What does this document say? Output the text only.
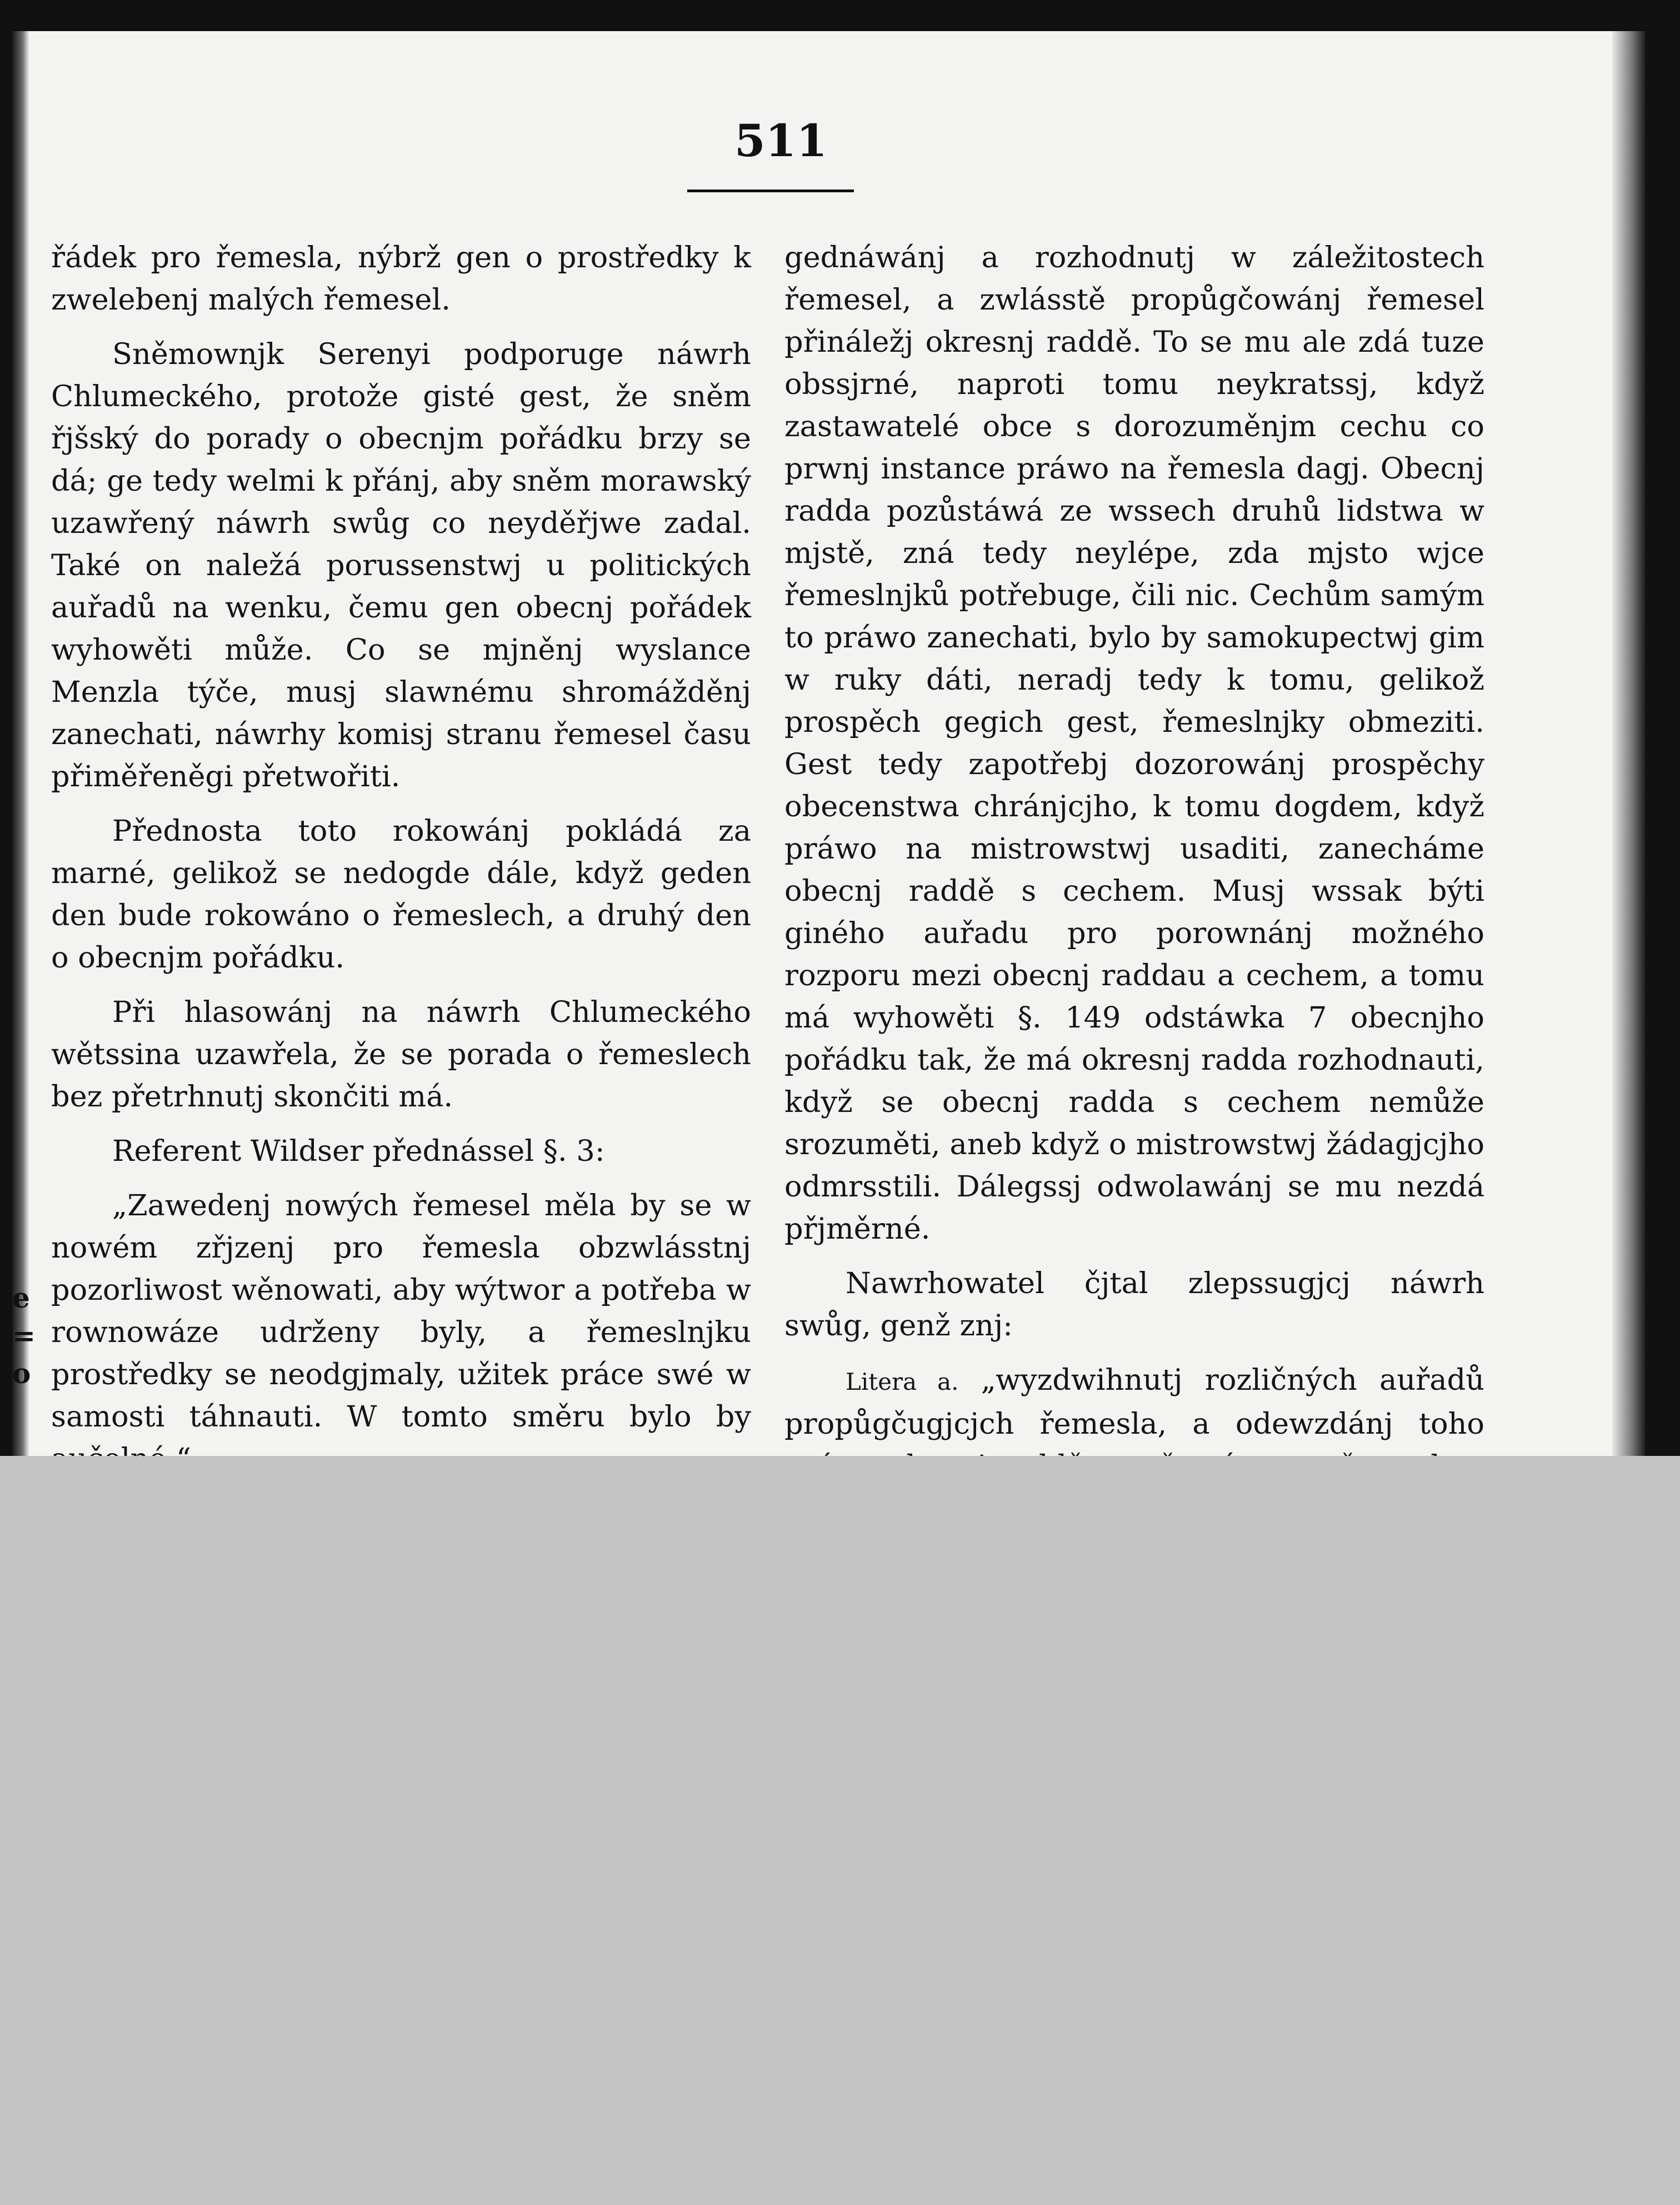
511

řádek pro řemesla, nýbrž gen o prostředky k zwelebenj malých řemesel.

Sněmownjk Serenyi podporuge náwrh Chlumeckého, protože gisté gest, že sněm řjšský do porady o obecnjm pořádku brzy se dá; ge tedy welmi k přánj, aby sněm morawský uzawřený náwrh swůg co neyděřjwe zadal. Také on naležá porussenstwj u politických auřadů na wenku, čemu gen obecnj pořádek wyhowěti může. Co se mjněnj wyslance Menzla týče, musj slawnému shromážděnj zanechati, náwrhy komisj stranu řemesel času přiměřeněgi přetwořiti.

Přednosta toto rokowánj pokládá za marné, gelikož se nedogde dále, když geden den bude rokowáno o řemeslech, a druhý den o obecnjm pořádku.

Při hlasowánj na náwrh Chlumeckého wětssina uzawřela, že se porada o řemeslech bez přetrhnutj skončiti má.

Referent Wildser přednássel §. 3:

„Zawedenj nowých řemesel měla by se w nowém zřjzenj pro řemesla obzwlásstnj pozorliwost wěnowati, aby wýtwor a potřeba w rownowáze udrženy byly, a řemeslnjku prostředky se neodgjmaly, užitek práce swé w samosti táhnauti. W tomto směru bylo by

gednáwánj a rozhodnutj w záležitostech řemesel, a zwlásstě propůgčowánj řemesel přináležj okresnj raddě. To se mu ale zdá tuze obssjrné, naproti tomu neykratssj, když zastawatelé obce s dorozuměnjm cechu co prwnj instance práwo na řemesla dagj. Obecnj radda pozůstáwá ze wssech druhů lidstwa w mjstě, zná tedy neylépe, zda mjsto wjce řemeslnjků potřebuge, čili nic. Cechům samým to práwo zanechati, bylo by samokupectwj gim w ruky dáti, neradj tedy k tomu, gelikož prospěch gegich gest, řemeslnjky obmeziti. Gest tedy zapotřebj dozorowánj prospěchy obecenstwa chránjcjho, k tomu dogdem, když práwo na mistrowstwj usaditi, zanecháme obecnj raddě s cechem. Musj wssak býti giného auřadu pro porownánj možného rozporu mezi obecnj raddau a cechem, a tomu má wyhowěti §. 149 odstáwka 7 obecnjho pořádku tak, že má okresnj radda rozhodnauti, když se obecnj radda s cechem nemůže srozuměti, aneb když o mistrowstwj žádagjcjho odmrsstili. Dálegssj odwolawánj se mu nezdá přjměrné.

Nawrhowatel čjtal zlepssugjcj náwrh swůg, genž znj:

Litera a. „wyzdwihnutj rozličných auřadů propůgčugjcjch řemesla, a odewzdánj toho

e
=
o
